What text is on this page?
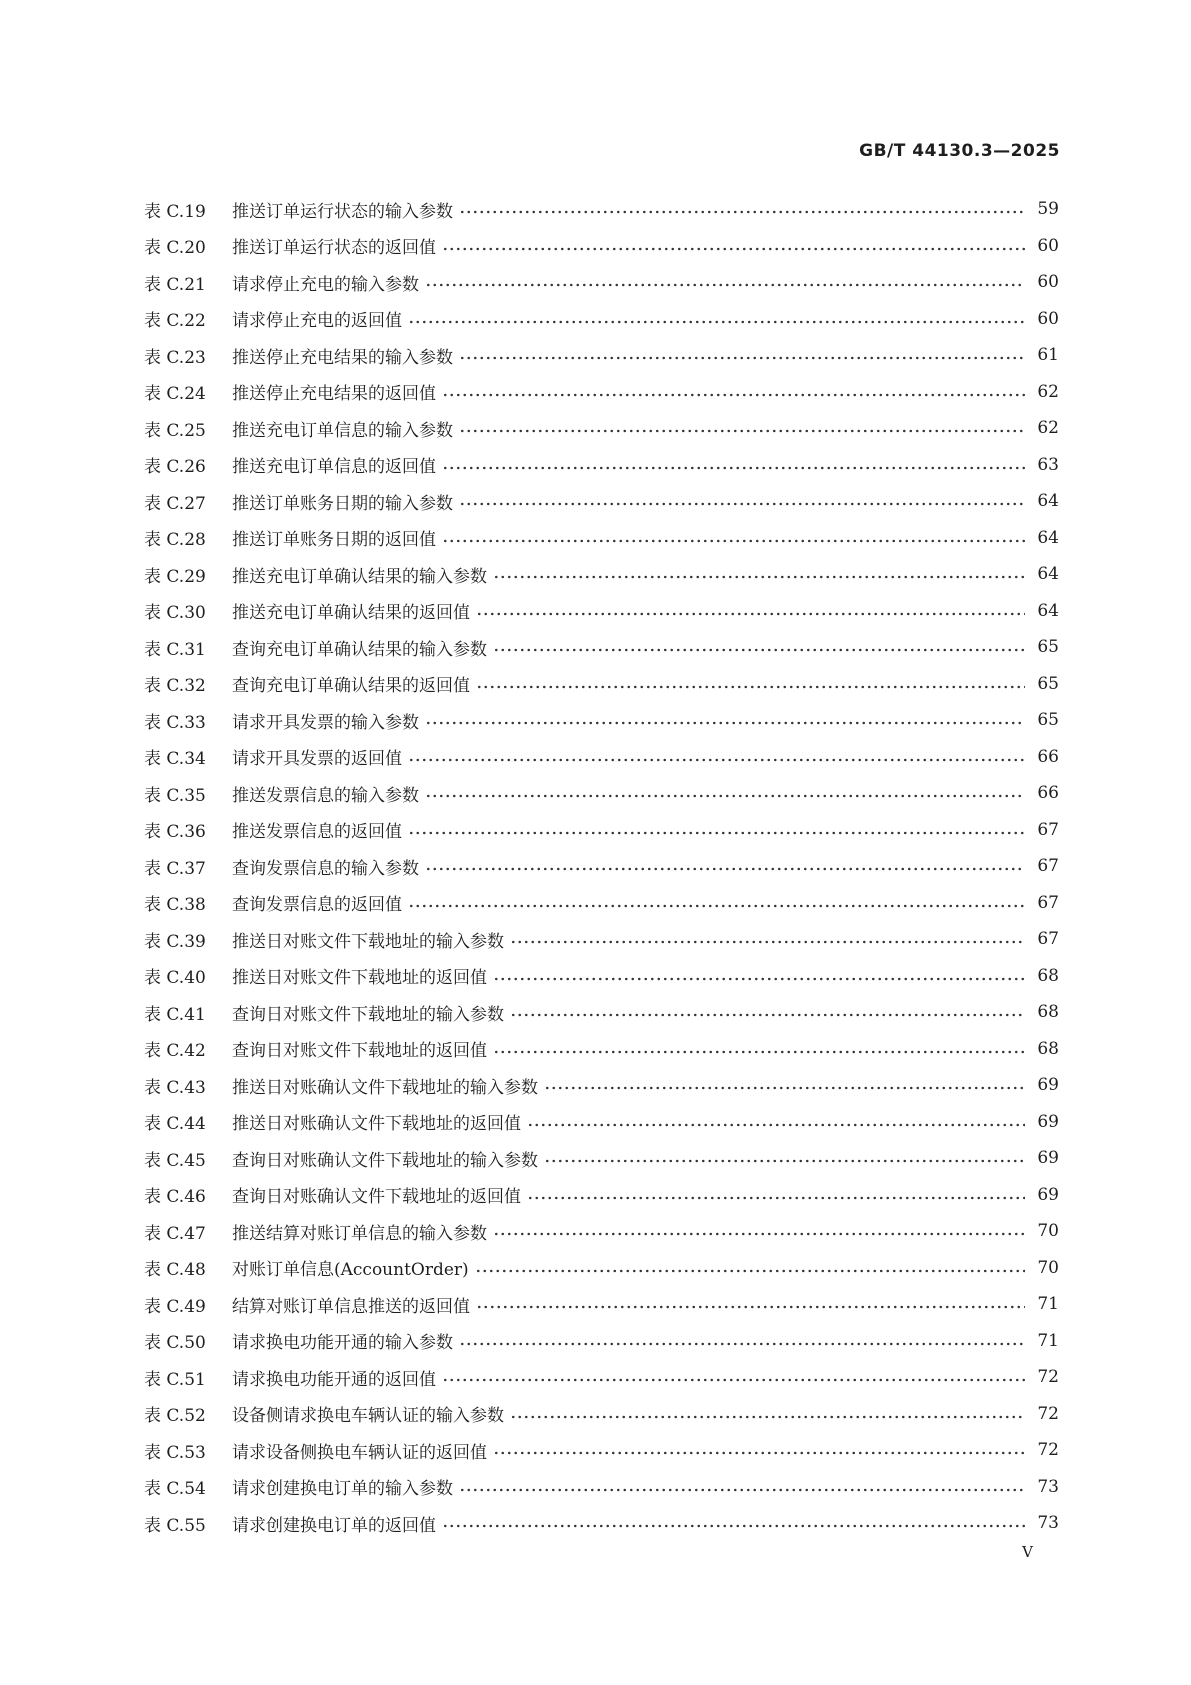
GB/T 44130.3—2025
表 C.19	推送订单运行状态的输入参数	59
表 C.20	推送订单运行状态的返回值	60
表 C.21	请求停止充电的输入参数	60
表 C.22	请求停止充电的返回值	60
表 C.23	推送停止充电结果的输入参数	61
表 C.24	推送停止充电结果的返回值	62
表 C.25	推送充电订单信息的输入参数	62
表 C.26	推送充电订单信息的返回值	63
表 C.27	推送订单账务日期的输入参数	64
表 C.28	推送订单账务日期的返回值	64
表 C.29	推送充电订单确认结果的输入参数	64
表 C.30	推送充电订单确认结果的返回值	64
表 C.31	查询充电订单确认结果的输入参数	65
表 C.32	查询充电订单确认结果的返回值	65
表 C.33	请求开具发票的输入参数	65
表 C.34	请求开具发票的返回值	66
表 C.35	推送发票信息的输入参数	66
表 C.36	推送发票信息的返回值	67
表 C.37	查询发票信息的输入参数	67
表 C.38	查询发票信息的返回值	67
表 C.39	推送日对账文件下载地址的输入参数	67
表 C.40	推送日对账文件下载地址的返回值	68
表 C.41	查询日对账文件下载地址的输入参数	68
表 C.42	查询日对账文件下载地址的返回值	68
表 C.43	推送日对账确认文件下载地址的输入参数	69
表 C.44	推送日对账确认文件下载地址的返回值	69
表 C.45	查询日对账确认文件下载地址的输入参数	69
表 C.46	查询日对账确认文件下载地址的返回值	69
表 C.47	推送结算对账订单信息的输入参数	70
表 C.48	对账订单信息(AccountOrder)	70
表 C.49	结算对账订单信息推送的返回值	71
表 C.50	请求换电功能开通的输入参数	71
表 C.51	请求换电功能开通的返回值	72
表 C.52	设备侧请求换电车辆认证的输入参数	72
表 C.53	请求设备侧换电车辆认证的返回值	72
表 C.54	请求创建换电订单的输入参数	73
表 C.55	请求创建换电订单的返回值	73
V
